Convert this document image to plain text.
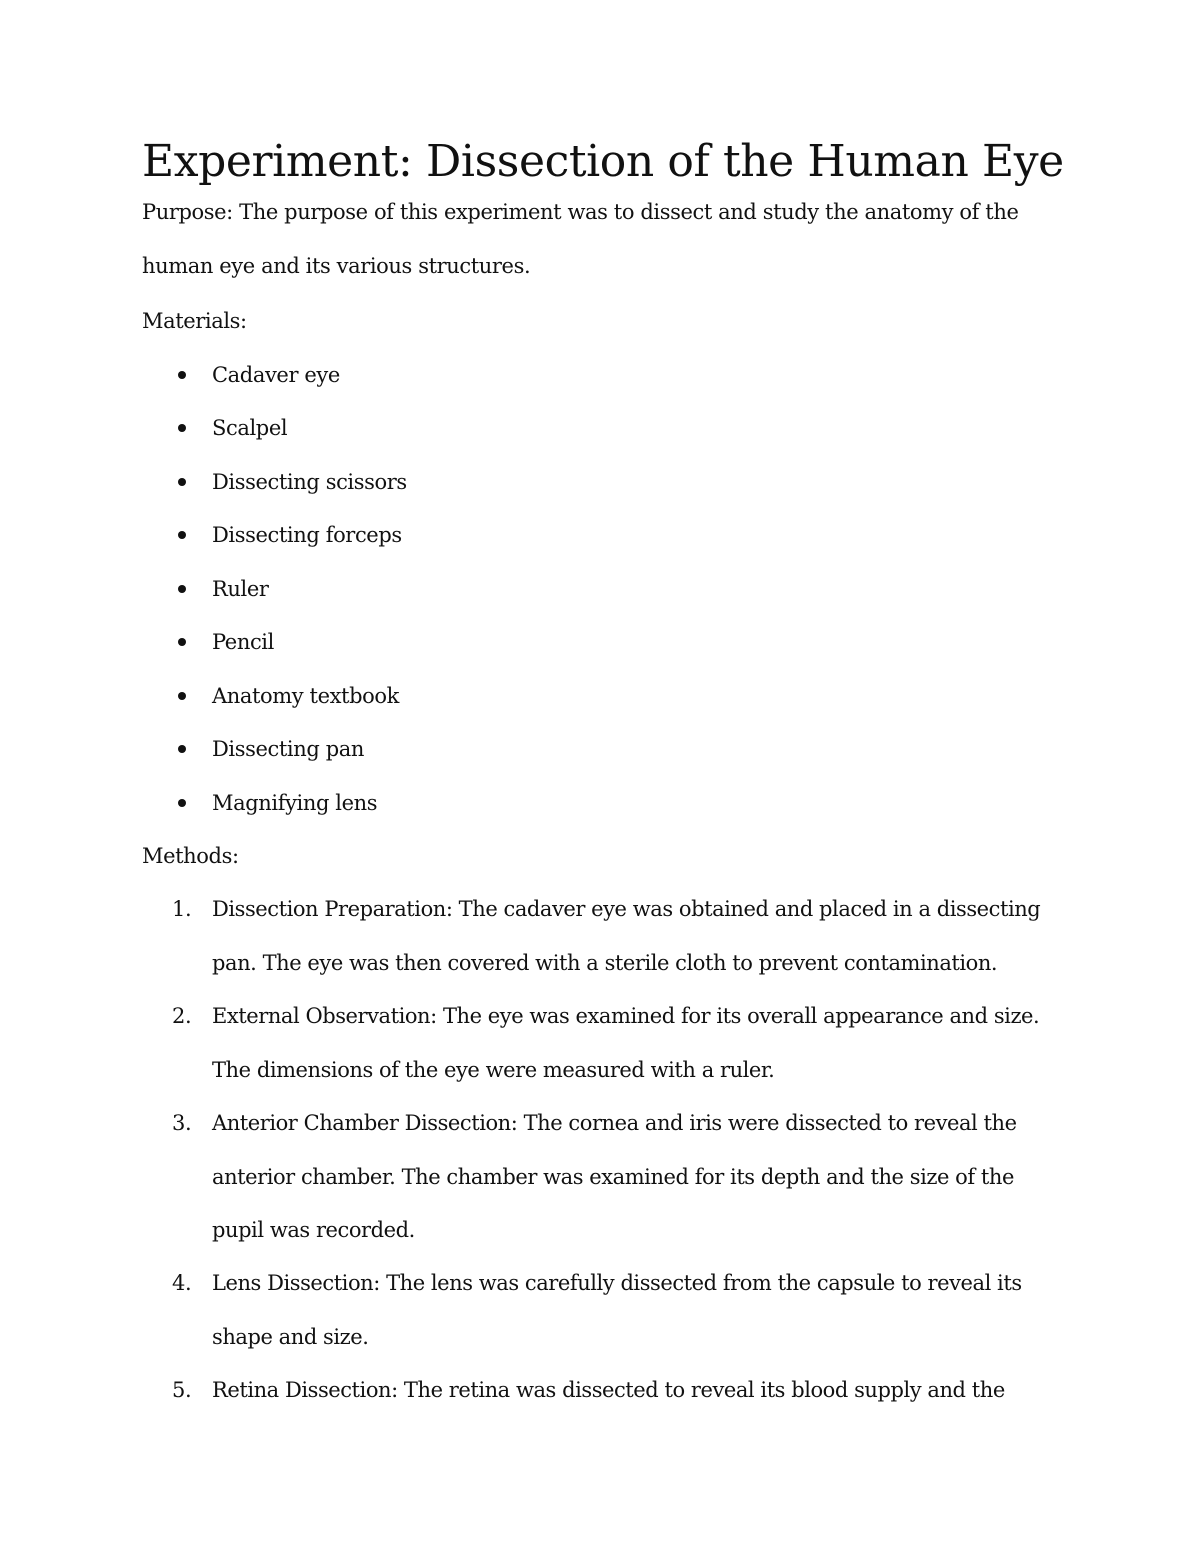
Experiment: Dissection of the Human Eye

Purpose: The purpose of this experiment was to dissect and study the anatomy of the human eye and its various structures.

Materials:

Cadaver eye
Scalpel
Dissecting scissors
Dissecting forceps
Ruler
Pencil
Anatomy textbook
Dissecting pan
Magnifying lens

Methods:

1. Dissection Preparation: The cadaver eye was obtained and placed in a dissecting pan. The eye was then covered with a sterile cloth to prevent contamination.

2. External Observation: The eye was examined for its overall appearance and size. The dimensions of the eye were measured with a ruler.

3. Anterior Chamber Dissection: The cornea and iris were dissected to reveal the anterior chamber. The chamber was examined for its depth and the size of the pupil was recorded.

4. Lens Dissection: The lens was carefully dissected from the capsule to reveal its shape and size.

5. Retina Dissection: The retina was dissected to reveal its blood supply and the
